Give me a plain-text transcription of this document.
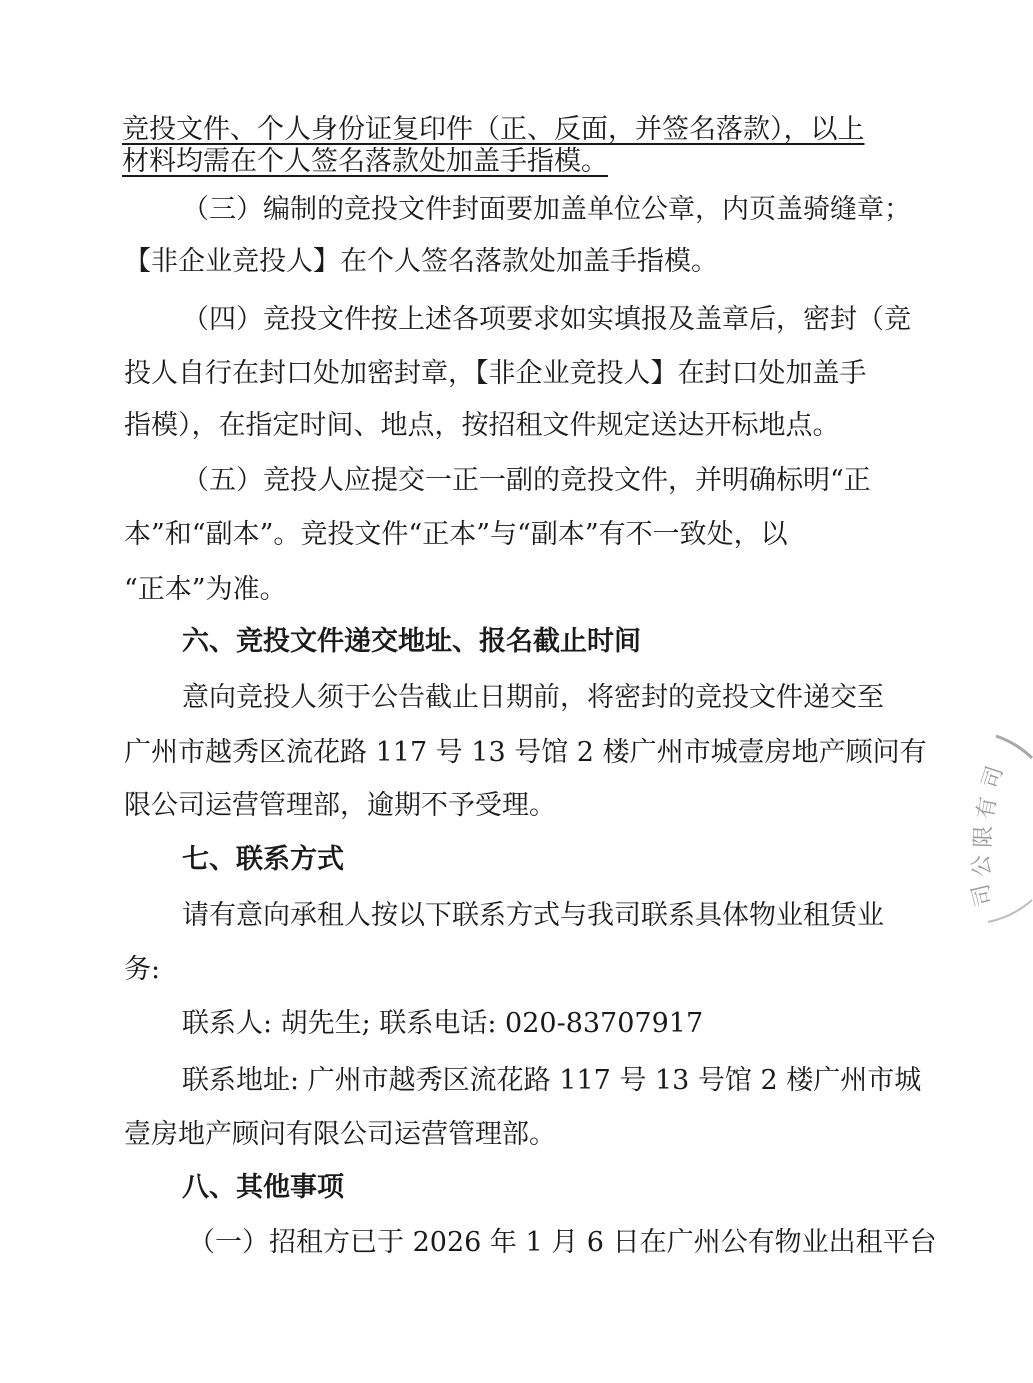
竞投文件、个人身份证复印件（正、反面，并签名落款），以上
材料均需在个人签名落款处加盖手指模。
（三）编制的竞投文件封面要加盖单位公章，内页盖骑缝章；
【非企业竞投人】在个人签名落款处加盖手指模。
（四）竞投文件按上述各项要求如实填报及盖章后，密封（竞
投人自行在封口处加密封章，【非企业竞投人】在封口处加盖手
指模），在指定时间、地点，按招租文件规定送达开标地点。
（五）竞投人应提交一正一副的竞投文件，并明确标明“正
本”和“副本”。竞投文件“正本”与“副本”有不一致处，以
“正本”为准。
六、竞投文件递交地址、报名截止时间
意向竞投人须于公告截止日期前，将密封的竞投文件递交至
广州市越秀区流花路 117 号 13 号馆 2 楼广州市城壹房地产顾问有
限公司运营管理部，逾期不予受理。
七、联系方式
请有意向承租人按以下联系方式与我司联系具体物业租赁业
务:
联系人: 胡先生; 联系电话: 020-83707917
联系地址: 广州市越秀区流花路 117 号 13 号馆 2 楼广州市城
壹房地产顾问有限公司运营管理部。
八、其他事项
（一）招租方已于 2026 年 1 月 6 日在广州公有物业出租平台
司
有
限
公
司
